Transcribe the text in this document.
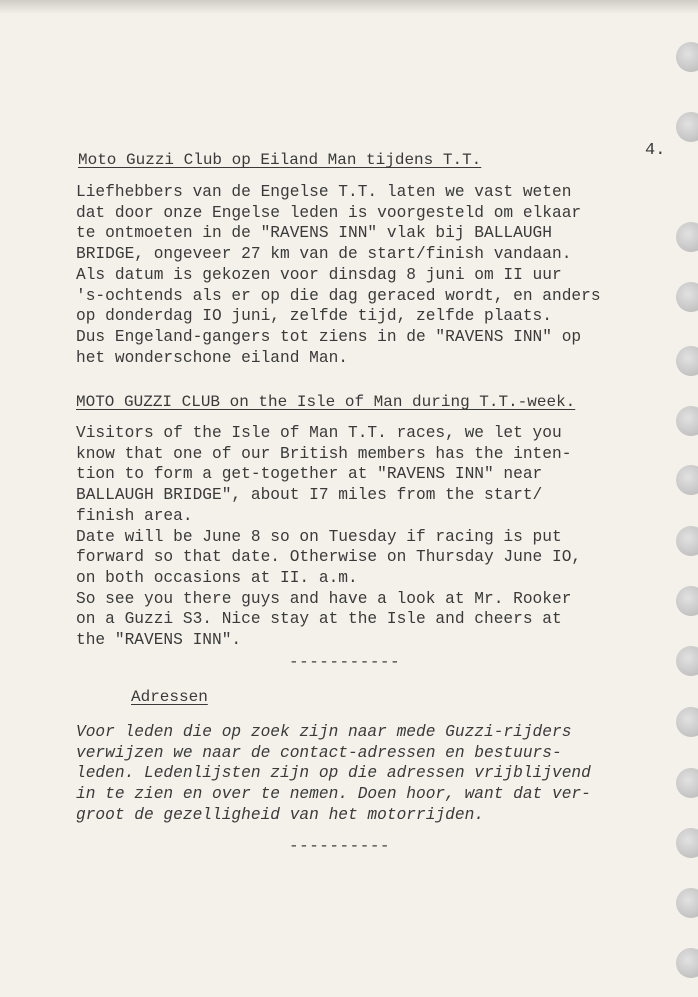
4.
Moto Guzzi Club op Eiland Man tijdens T.T.

Liefhebbers van de Engelse T.T. laten we vast weten
dat door onze Engelse leden is voorgesteld om elkaar
te ontmoeten in de "RAVENS INN" vlak bij BALLAUGH
BRIDGE, ongeveer 27 km van de start/finish vandaan.
Als datum is gekozen voor dinsdag 8 juni om II uur
's-ochtends als er op die dag geraced wordt, en anders
op donderdag IO juni, zelfde tijd, zelfde plaats.
Dus Engeland-gangers tot ziens in de "RAVENS INN" op
het wonderschone eiland Man.

MOTO GUZZI CLUB on the Isle of Man during T.T.-week.

Visitors of the Isle of Man T.T. races, we let you
know that one of our British members has the inten-
tion to form a get-together at "RAVENS INN" near
BALLAUGH BRIDGE", about I7 miles from the start/
finish area.
Date will be June 8 so on Tuesday if racing is put
forward so that date. Otherwise on Thursday June IO,
on both occasions at II. a.m.
So see you there guys and have a look at Mr. Rooker
on a Guzzi S3. Nice stay at the Isle and cheers at
the "RAVENS INN".

-----------
Adressen

Voor leden die op zoek zijn naar mede Guzzi-rijders
verwijzen we naar de contact-adressen en bestuurs-
leden. Ledenlijsten zijn op die adressen vrijblijvend
in te zien en over te nemen. Doen hoor, want dat ver-
groot de gezelligheid van het motorrijden.

----------
